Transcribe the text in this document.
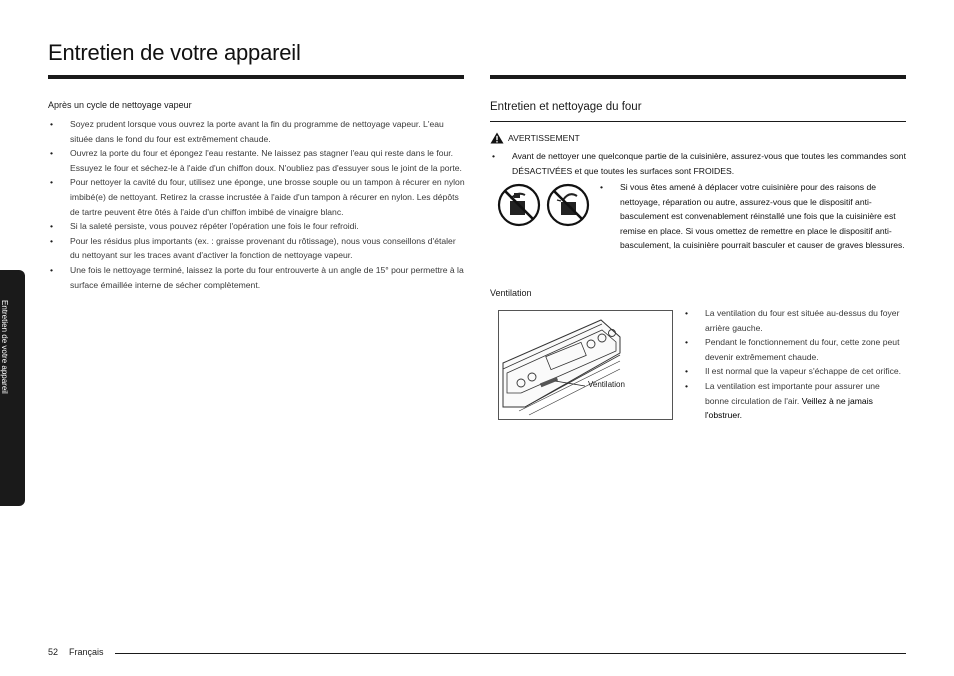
Entretien de votre appareil
Entretien de votre appareil
Après un cycle de nettoyage vapeur
• Soyez prudent lorsque vous ouvrez la porte avant la fin du programme de nettoyage vapeur. L'eau située dans le fond du four est extrêmement chaude.
• Ouvrez la porte du four et épongez l'eau restante. Ne laissez pas stagner l'eau qui reste dans le four. Essuyez le four et séchez-le à l'aide d'un chiffon doux. N'oubliez pas d'essuyer sous le joint de la porte.
• Pour nettoyer la cavité du four, utilisez une éponge, une brosse souple ou un tampon à récurer en nylon imbibé(e) de nettoyant. Retirez la crasse incrustée à l'aide d'un tampon à récurer en nylon. Les dépôts de tartre peuvent être ôtés à l'aide d'un chiffon imbibé de vinaigre blanc.
• Si la saleté persiste, vous pouvez répéter l'opération une fois le four refroidi.
• Pour les résidus plus importants (ex. : graisse provenant du rôtissage), nous vous conseillons d'étaler du nettoyant sur les traces avant d'activer la fonction de nettoyage vapeur.
• Une fois le nettoyage terminé, laissez la porte du four entrouverte à un angle de 15° pour permettre à la surface émaillée interne de sécher complètement.
Entretien et nettoyage du four
AVERTISSEMENT
• Avant de nettoyer une quelconque partie de la cuisinière, assurez-vous que toutes les commandes sont DÉSACTIVÉES et que toutes les surfaces sont FROIDES.
• Si vous êtes amené à déplacer votre cuisinière pour des raisons de nettoyage, réparation ou autre, assurez-vous que le dispositif anti-basculement est convenablement réinstallé une fois que la cuisinière est remise en place. Si vous omettez de remettre en place le dispositif anti-basculement, la cuisinière pourrait basculer et causer de graves blessures.
Ventilation
Ventilation
• La ventilation du four est située au-dessus du foyer arrière gauche.
• Pendant le fonctionnement du four, cette zone peut devenir extrêmement chaude.
• Il est normal que la vapeur s'échappe de cet orifice.
• La ventilation est importante pour assurer une bonne circulation de l'air. Veillez à ne jamais l'obstruer.
52 Français
